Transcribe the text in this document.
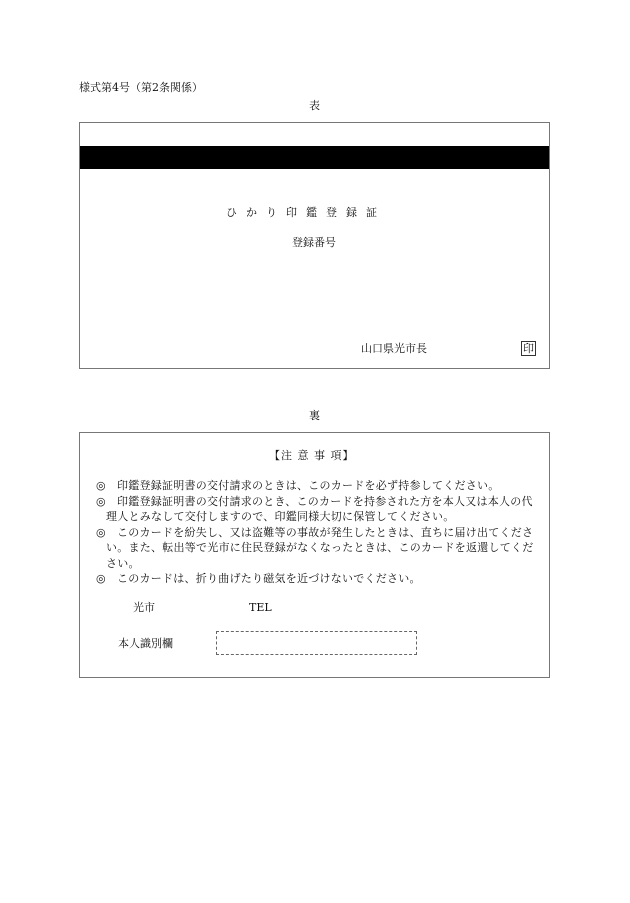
様式第4号（第2条関係）
表
ひかり印鑑登録証
登録番号
山口県光市長	印
裏
【注 意 事 項】
◎ 印鑑登録証明書の交付請求のときは、このカードを必ず持参してください。
◎ 印鑑登録証明書の交付請求のとき、このカードを持参された方を本人又は本人の代
理人とみなして交付しますので、印鑑同様大切に保管してください。
◎ このカードを紛失し、又は盗難等の事故が発生したときは、直ちに届け出てくださ
い。また、転出等で光市に住民登録がなくなったときは、このカードを返還してくだ
さい。
◎ このカードは、折り曲げたり磁気を近づけないでください。
光市	TEL
本人識別欄
